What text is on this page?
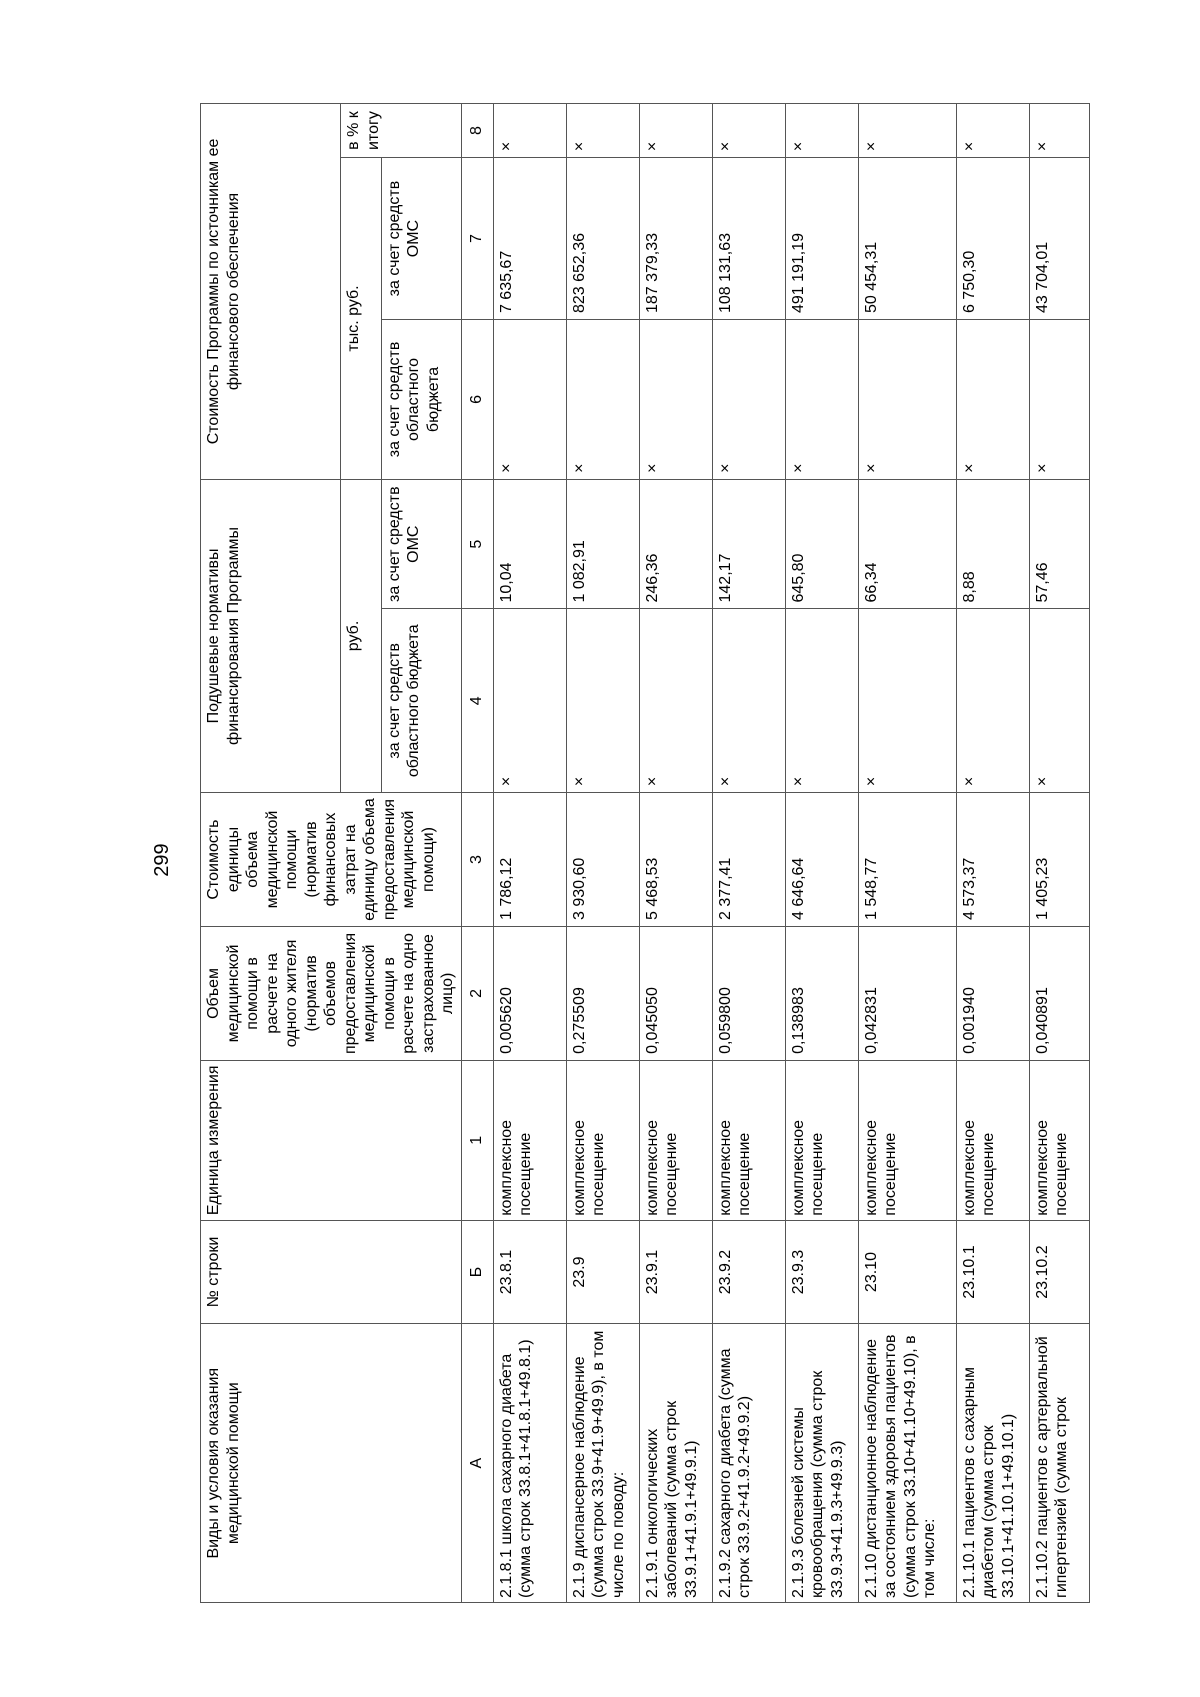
299
Виды и условия оказания медицинской помощи	№ строки	Единица измерения	Объем медицинской помощи в расчете на одного жителя (норматив объемов предоставления медицинской помощи в расчете на одно застрахованное лицо)	Стоимость единицы объема медицинской помощи (норматив финансовых затрат на единицу объема предоставления медицинской помощи)	Подушевые нормативы финансирования Программы		Стоимость Программы по источникам ее финансового обеспечения		
					руб.		тыс. руб.		в % к итогу
					за счет средств областного бюджета	за счет средств ОМС	за счет средств областного бюджета	за счет средств ОМС	
А	Б	1	2	3	4	5	6	7	8
2.1.8.1 школа сахарного диабета (сумма строк 33.8.1+41.8.1+49.8.1)	23.8.1	комплексное посещение	0,005620	1 786,12	×	10,04	×	7 635,67	×
2.1.9 диспансерное наблюдение (сумма строк 33.9+41.9+49.9), в том числе по поводу:	23.9	комплексное посещение	0,275509	3 930,60	×	1 082,91	×	823 652,36	×
2.1.9.1 онкологических заболеваний (сумма строк 33.9.1+41.9.1+49.9.1)	23.9.1	комплексное посещение	0,045050	5 468,53	×	246,36	×	187 379,33	×
2.1.9.2 сахарного диабета (сумма строк 33.9.2+41.9.2+49.9.2)	23.9.2	комплексное посещение	0,059800	2 377,41	×	142,17	×	108 131,63	×
2.1.9.3 болезней системы кровообращения (сумма строк 33.9.3+41.9.3+49.9.3)	23.9.3	комплексное посещение	0,138983	4 646,64	×	645,80	×	491 191,19	×
2.1.10 дистанционное наблюдение за состоянием здоровья пациентов (сумма строк 33.10+41.10+49.10), в том числе:	23.10	комплексное посещение	0,042831	1 548,77	×	66,34	×	50 454,31	×
2.1.10.1 пациентов с сахарным диабетом (сумма строк 33.10.1+41.10.1+49.10.1)	23.10.1	комплексное посещение	0,001940	4 573,37	×	8,88	×	6 750,30	×
2.1.10.2 пациентов с артериальной гипертензией (сумма строк	23.10.2	комплексное посещение	0,040891	1 405,23	×	57,46	×	43 704,01	×
